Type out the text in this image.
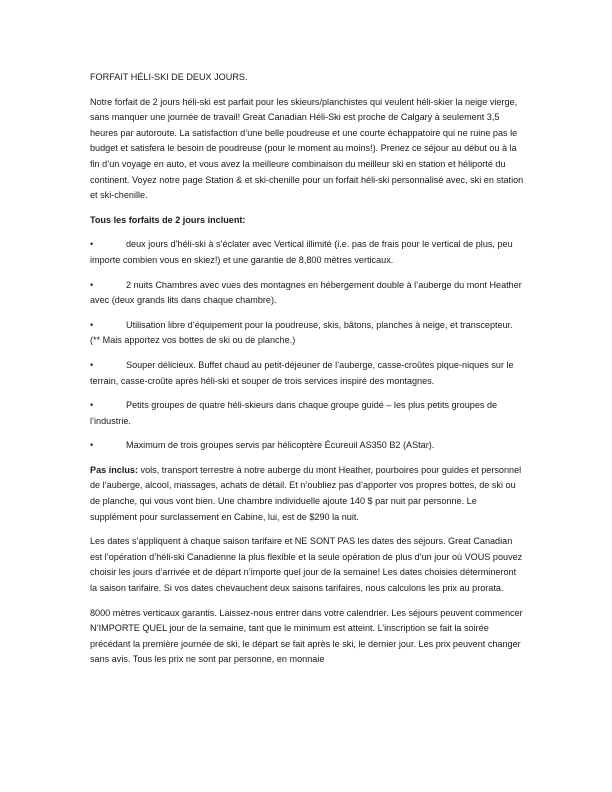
FORFAIT HÉLI-SKI DE DEUX JOURS.

Notre forfait de 2 jours héli-ski est parfait pour les skieurs/planchistes qui veulent héli-skier la neige vierge, sans manquer une journée de travail! Great Canadian Héli-Ski est proche de Calgary à seulement 3,5 heures par autoroute. La satisfaction d’une belle poudreuse et une courte échappatoire qui ne ruine pas le budget et satisfera le besoin de poudreuse (pour le moment au moins!). Prenez ce séjour au début ou à la fin d’un voyage en auto, et vous avez la meilleure combinaison du meilleur ski en station et héliporté du continent. Voyez notre page Station & et ski-chenille pour un forfait héli-ski personnalisé avec, ski en station et ski-chenille.

Tous les forfaits de 2 jours incluent:

•	deux jours d’héli-ski à s’éclater avec Vertical illimité (i.e. pas de frais pour le vertical de plus, peu importe combien vous en skiez!) et une garantie de 8,800 mètres verticaux.
•	2 nuits Chambres avec vues des montagnes en hébergement double à l’auberge du mont Heather avec (deux grands lits dans chaque chambre).
•	Utilisation libre d’équipement pour la poudreuse, skis, bâtons, planches à neige, et transcepteur. (** Mais apportez vos bottes de ski ou de planche.)
•	Souper délicieux. Buffet chaud au petit-déjeuner de l’auberge, casse-croûtes pique-niques sur le terrain, casse-croûte après héli-ski et souper de trois services inspiré des montagnes.
•	Petits groupes de quatre héli-skieurs dans chaque groupe guidé – les plus petits groupes de l’industrie.
•	Maximum de trois groupes servis par hélicoptère Écureuil AS350 B2 (AStar).

Pas inclus: vols, transport terrestre à notre auberge du mont Heather, pourboires pour guides et personnel de l’auberge, alcool, massages, achats de détail. Et n’oubliez pas d’apporter vos propres bottes, de ski ou de planche, qui vous vont bien. Une chambre individuelle ajoute 140 $ par nuit par personne. Le supplément pour surclassement en Cabine, lui, est de $290 la nuit.

Les dates s’appliquent à chaque saison tarifaire et NE SONT PAS les dates des séjours. Great Canadian est l’opération d’héli-ski Canadienne la plus flexible et la seule opération de plus d’un jour où VOUS pouvez choisir les jours d’arrivée et de départ n’importe quel jour de la semaine! Les dates choisies détermineront la saison tarifaire. Si vos dates chevauchent deux saisons tarifaires, nous calculons les prix au prorata.

8000 mètres verticaux garantis. Laissez-nous entrer dans votre calendrier. Les séjours peuvent commencer N’IMPORTE QUEL jour de la semaine, tant que le minimum est atteint. L’inscription se fait la soirée précédant la première journée de ski, le départ se fait après le ski, le dernier jour. Les prix peuvent changer sans avis. Tous les prix ne sont par personne, en monnaie
